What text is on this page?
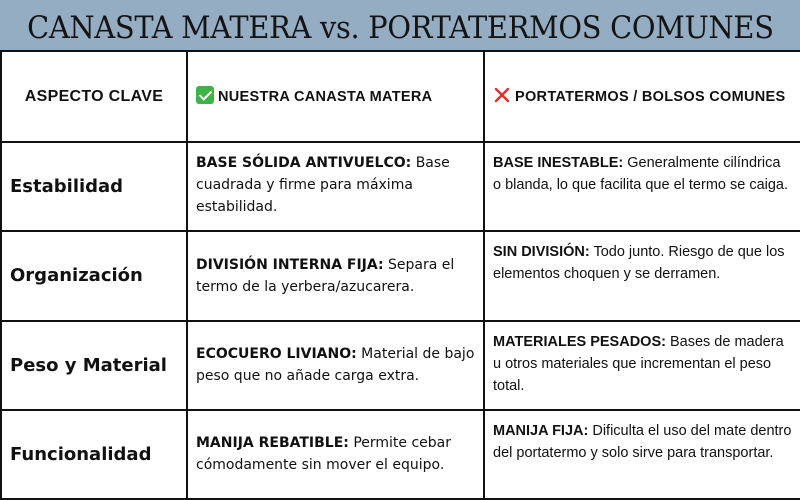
CANASTA MATERA vs. PORTATERMOS COMUNES
ASPECTO CLAVE	NUESTRA CANASTA MATERA	PORTATERMOS / BOLSOS COMUNES
Estabilidad	BASE SÓLIDA ANTIVUELCO: Base cuadrada y firme para máxima estabilidad.	BASE INESTABLE: Generalmente cilíndrica o blanda, lo que facilita que el termo se caiga.
Organización	DIVISIÓN INTERNA FIJA: Separa el termo de la yerbera/azucarera.	SIN DIVISIÓN: Todo junto. Riesgo de que los elementos choquen y se derramen.
Peso y Material	ECOCUERO LIVIANO: Material de bajo peso que no añade carga extra.	MATERIALES PESADOS: Bases de madera u otros materiales que incrementan el peso total.
Funcionalidad	MANIJA REBATIBLE: Permite cebar cómodamente sin mover el equipo.	MANIJA FIJA: Dificulta el uso del mate dentro del portatermo y solo sirve para transportar.
